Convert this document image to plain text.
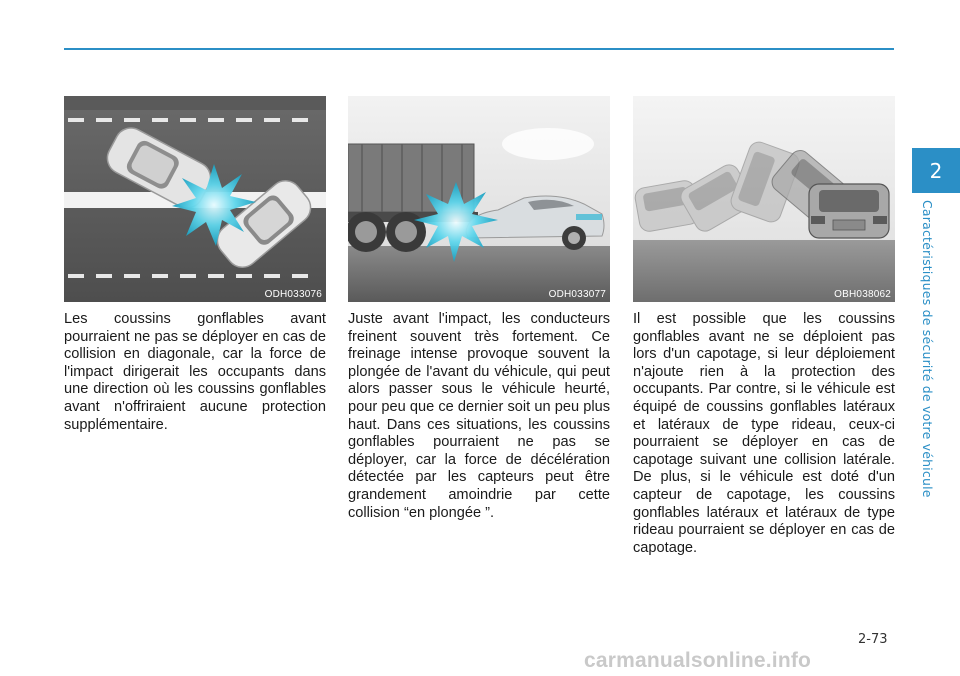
ODH033076

Les coussins gonflables avant pourraient ne pas se déployer en cas de collision en diagonale, car la force de l'impact dirigerait les occupants dans une direction où les coussins gonflables avant n'offriraient aucune protection supplémentaire.

ODH033077

Juste avant l'impact, les conducteurs freinent souvent très fortement. Ce freinage intense provoque souvent la plongée de l'avant du véhicule, qui peut alors passer sous le véhicule heurté, pour peu que ce dernier soit un peu plus haut. Dans ces situations, les coussins gonflables pourraient ne pas se déployer, car la force de décélération détectée par les capteurs peut être grandement amoindrie par cette collision “en plongée ”.

OBH038062

Il est possible que les coussins gonflables avant ne se déploient pas lors d'un capotage, si leur déploiement n'ajoute rien à la protection des occupants. Par contre, si le véhicule est équipé de coussins gonflables latéraux et latéraux de type rideau, ceux-ci pourraient se déployer en cas de capotage suivant une collision latérale. De plus, si le véhicule est doté d'un capteur de capotage, les coussins gonflables latéraux et latéraux de type rideau pourraient se déployer en cas de capotage.

2
Caractéristiques de sécurité de votre véhicule
2-73
carmanualsonline.info
